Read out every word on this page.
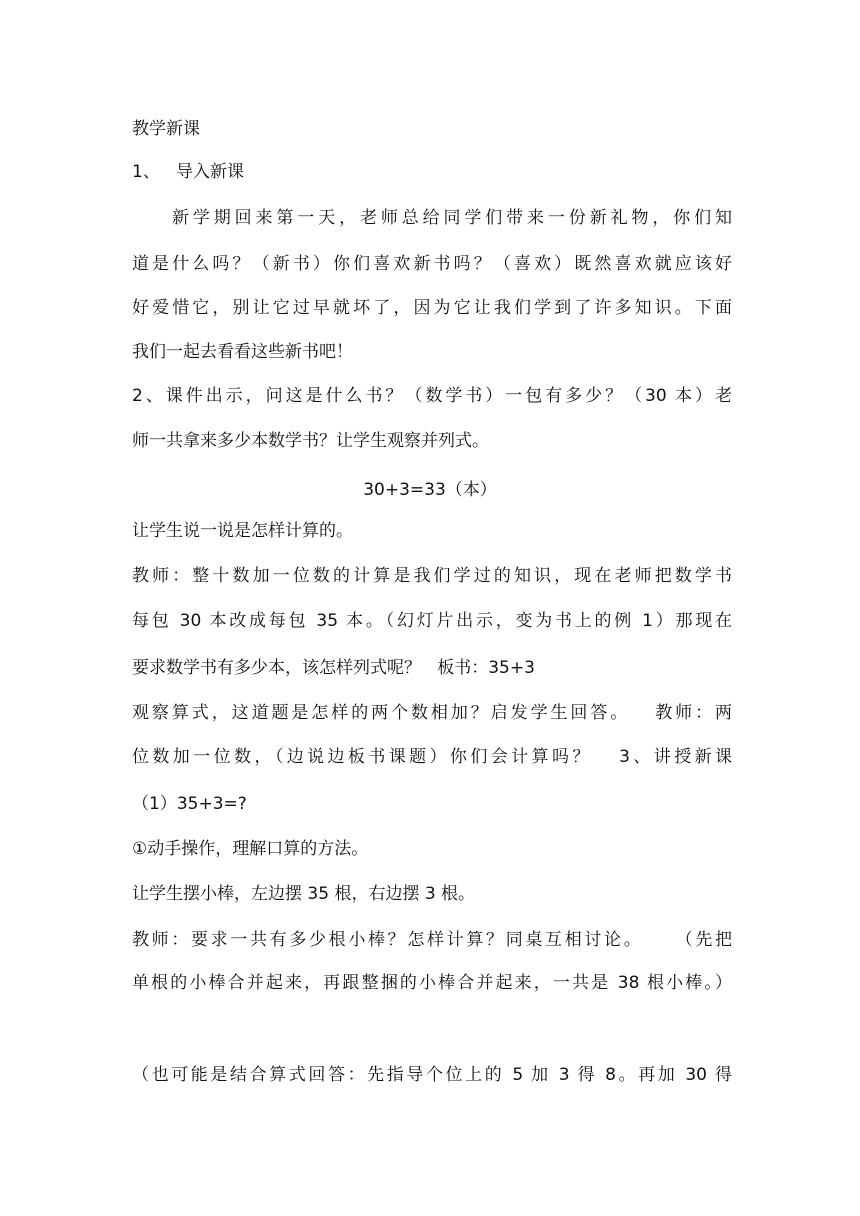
教学新课
1、   导入新课
新学期回来第一天，老师总给同学们带来一份新礼物，你们知
道是什么吗？（新书）你们喜欢新书吗？（喜欢）既然喜欢就应该好
好爱惜它，别让它过早就坏了，因为它让我们学到了许多知识。下面
我们一起去看看这些新书吧！
2、课件出示，问这是什么书？（数学书）一包有多少？（30 本）老
师一共拿来多少本数学书？让学生观察并列式。
30+3=33（本）
让学生说一说是怎样计算的。
教师：整十数加一位数的计算是我们学过的知识，现在老师把数学书
每包 30 本改成每包 35 本。（幻灯片出示，变为书上的例 1）那现在
要求数学书有多少本，该怎样列式呢？   板书：35+3
观察算式，这道题是怎样的两个数相加？启发学生回答。   教师：两
位数加一位数，（边说边板书课题）你们会计算吗？   3、讲授新课
（1）35+3=?
①动手操作，理解口算的方法。
让学生摆小棒，左边摆 35 根，右边摆 3 根。
教师：要求一共有多少根小棒？怎样计算？同桌互相讨论。    （先把
单根的小棒合并起来，再跟整捆的小棒合并起来，一共是 38 根小棒。）
（也可能是结合算式回答：先指导个位上的 5 加 3 得 8。再加 30 得
